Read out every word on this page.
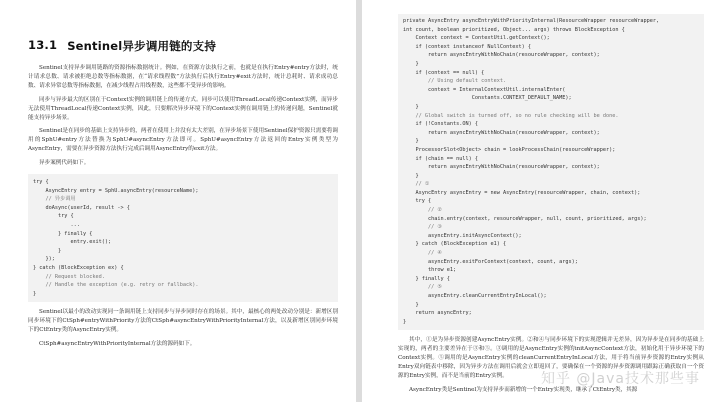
13.1 Sentinel异步调用链的支持

Sentinel支持异步调用链路的资源指标数据统计。例如，在资源方法执行之前，也就是在执行Entry#entry方法时，统计请求总数、请求被拒绝总数等指标数据，在“请求线程数”方法执行后执行Entry#exit方法时，统计总耗时、请求成功总数、请求异常总数等指标数据，在减少线程占用线程数，这些都不受异步的影响。

同步与异步最大的区别在于Context实例的调用链上的传递方式。同步可以使用ThreadLocal传递Context实例，而异步无法使用ThreadLocal传递Context实例，因此，只要解决异步环境下的Context实例在调用链上的传递问题，Sentinel就能支持异步场景。

Sentinel是在同步的基础上支持异步的，两者在使用上并没有太大差别，在异步场景下使用Sentinel保护资源只需要将调用的SphU#entry方法替换为SphU#asyncEntry方法即可。SphU#asyncEntry方法返回的Entry实例类型为AsyncEntry，需要在异步资源方法执行完成后调用AsyncEntry的exit方法。

异步案例代码如下。

try {
AsyncEntry entry = SphU.asyncEntry(resourceName);
// 异步调用
doAsync(userId, result -> {
try {
...
} finally {
entry.exit();
}
});
} catch (BlockException ex) {
// Request blocked.
// Handle the exception (e.g. retry or fallback).
}

Sentinel以最小的改动实现同一条调用链上支持同步与异步同时存在的场景。其中，最核心的两处改动分别是：新增区别同步环境下的CtSph#entryWithPriority方法的CtSph#asyncEntryWithPriorityInternal方法，以及新增区别同步环境下的CtEntry类的AsyncEntry实例。

CtSph#asyncEntryWithPriorityInternal方法的源码如下。

private AsyncEntry asyncEntryWithPriorityInternal(ResourceWrapper resourceWrapper,
int count, boolean prioritized, Object... args) throws BlockException {
Context context = ContextUtil.getContext();
if (context instanceof NullContext) {
return asyncEntryWithNoChain(resourceWrapper, context);
}
if (context == null) {
// Using default context.
context = InternalContextUtil.internalEnter(
Constants.CONTEXT_DEFAULT_NAME);
}
// Global switch is turned off, so no rule checking will be done.
if (!Constants.ON) {
return asyncEntryWithNoChain(resourceWrapper, context);
}
ProcessorSlot<Object> chain = lookProcessChain(resourceWrapper);
if (chain == null) {
return asyncEntryWithNoChain(resourceWrapper, context);
}
// ①
AsyncEntry asyncEntry = new AsyncEntry(resourceWrapper, chain, context);
try {
// ②
chain.entry(context, resourceWrapper, null, count, prioritized, args);
// ③
asyncEntry.initAsyncContext();
} catch (BlockException e1) {
// ④
asyncEntry.exitForContext(context, count, args);
throw e1;
} finally {
// ⑤
asyncEntry.cleanCurrentEntryInLocal();
}
return asyncEntry;
}

其中，①是为异步资源创建AsyncEntry实例。②和④与同步环境下的实现逻辑并无差异，因为异步是在同步的基础上实现的，两者的主要差异在于③和⑤。③调用的是AsyncEntry实例的initAsyncContext方法，初始化用于异步环境下的Context实例。⑤调用的是AsyncEntry实例的cleanCurrentEntryInLocal方法，用于将当前异步资源的Entry实例从Entry双向链表中移除，因为异步方法在调用后就会立即返回了，要确保在一个资源的异步资源调用跟踪正确获取自一个资源的Entry实例，而不是当前的Entry实例。

AsyncEntry类是Sentinel为支持异步而新增的一个Entry实现类，继承了CtEntry类，其源

知乎 @Java技术那些事
